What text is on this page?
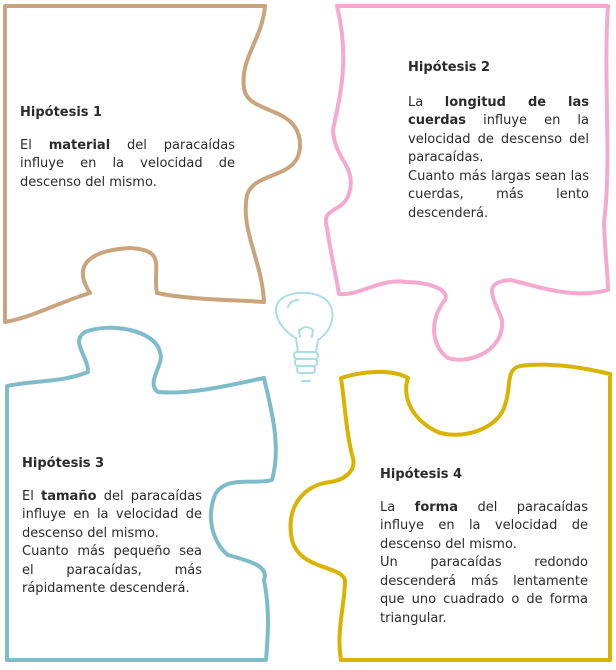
Hipótesis 1

El material del paracaídas influye en la velocidad de descenso del mismo.

Hipótesis 2

La longitud de las cuerdas influye en la velocidad de descenso del paracaídas.

Cuanto más largas sean las cuerdas, más lento descenderá.

Hipótesis 3

El tamaño del paracaídas influye en la velocidad de descenso del mismo.

Cuanto más pequeño sea el paracaídas, más rápidamente descenderá.

Hipótesis 4

La forma del paracaídas influye en la velocidad de descenso del mismo.

Un paracaídas redondo descenderá más lentamente que uno cuadrado o de forma triangular.
